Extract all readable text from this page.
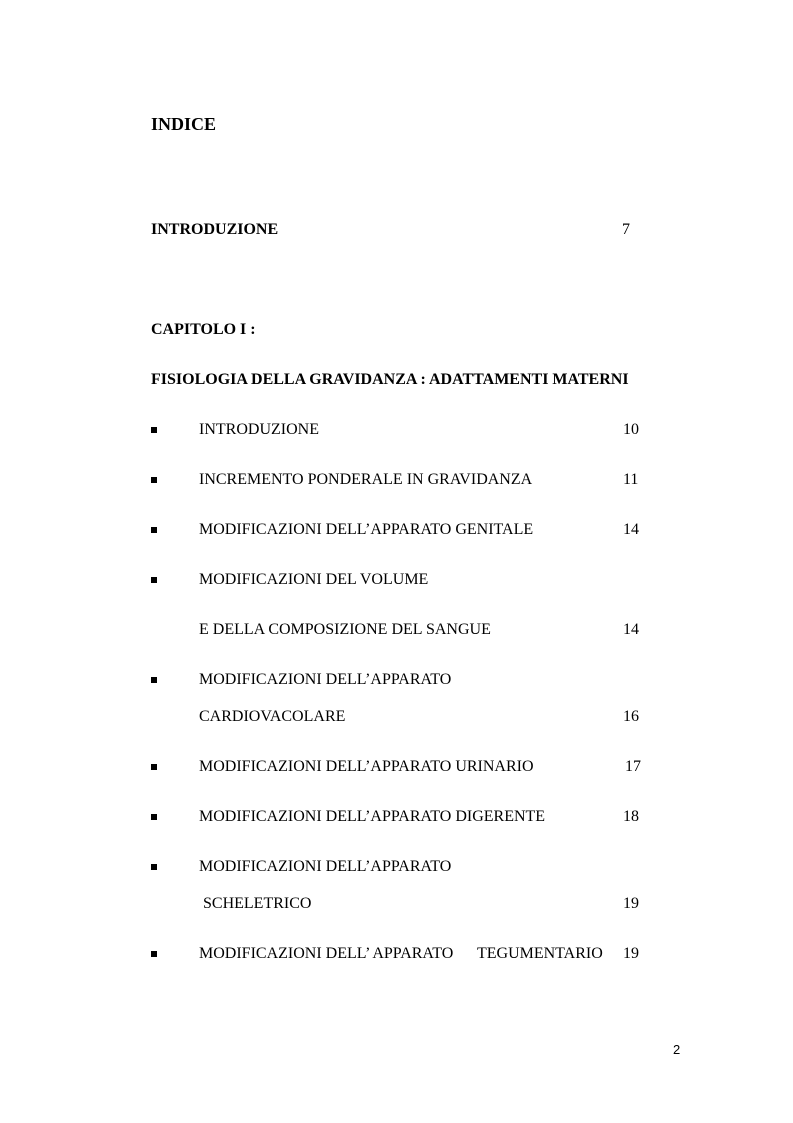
INDICE
INTRODUZIONE	7
CAPITOLO I :
FISIOLOGIA DELLA GRAVIDANZA : ADATTAMENTI MATERNI
INTRODUZIONE	10
INCREMENTO PONDERALE IN GRAVIDANZA	11
MODIFICAZIONI DELL’APPARATO GENITALE	14
MODIFICAZIONI DEL VOLUME
E DELLA COMPOSIZIONE DEL SANGUE	14
MODIFICAZIONI DELL’APPARATO
CARDIOVACOLARE	16
MODIFICAZIONI DELL’APPARATO URINARIO	17
MODIFICAZIONI DELL’APPARATO DIGERENTE	18
MODIFICAZIONI DELL’APPARATO
SCHELETRICO	19
MODIFICAZIONI DELL’ APPARATO      TEGUMENTARIO 19
2
